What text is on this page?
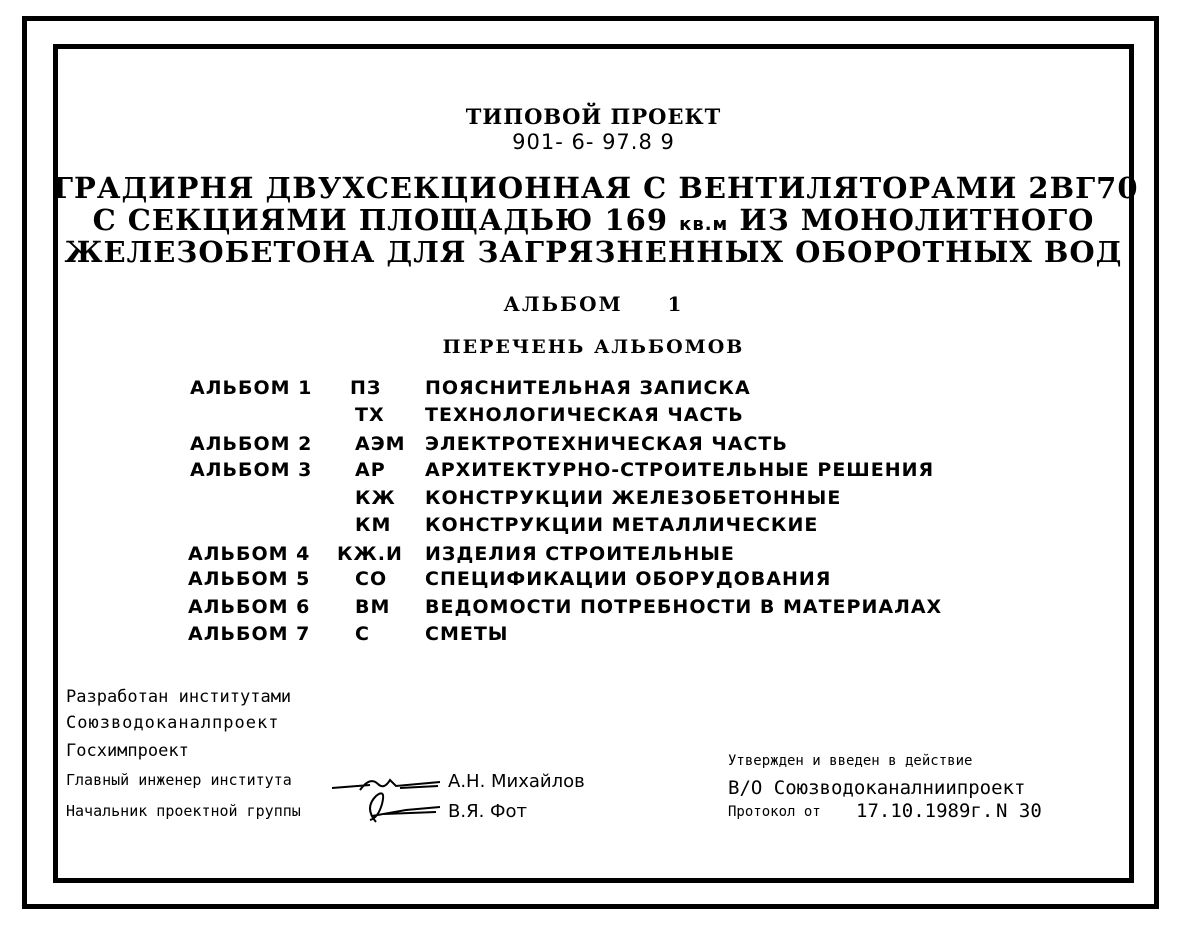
ТИПОВОЙ ПРОЕКТ
901- 6- 97.8 9
ГРАДИРНЯ ДВУХСЕКЦИОННАЯ С ВЕНТИЛЯТОРАМИ 2ВГ70
С СЕКЦИЯМИ ПЛОЩАДЬЮ 169 кв.м ИЗ МОНОЛИТНОГО
ЖЕЛЕЗОБЕТОНА ДЛЯ ЗАГРЯЗНЕННЫХ ОБОРОТНЫХ ВОД
АЛЬБОМ 1
ПЕРЕЧЕНЬ АЛЬБОМОВ
АЛЬБОМ 1 ПЗ ПОЯСНИТЕЛЬНАЯ ЗАПИСКА
ТХ ТЕХНОЛОГИЧЕСКАЯ ЧАСТЬ
АЛЬБОМ 2 АЭМ ЭЛЕКТРОТЕХНИЧЕСКАЯ ЧАСТЬ
АЛЬБОМ 3 АР АРХИТЕКТУРНО-СТРОИТЕЛЬНЫЕ РЕШЕНИЯ
КЖ КОНСТРУКЦИИ ЖЕЛЕЗОБЕТОННЫЕ
КМ КОНСТРУКЦИИ МЕТАЛЛИЧЕСКИЕ
АЛЬБОМ 4 КЖ.И ИЗДЕЛИЯ СТРОИТЕЛЬНЫЕ
АЛЬБОМ 5 СО СПЕЦИФИКАЦИИ ОБОРУДОВАНИЯ
АЛЬБОМ 6 ВМ ВЕДОМОСТИ ПОТРЕБНОСТИ В МАТЕРИАЛАХ
АЛЬБОМ 7 С	СМЕТЫ
Разработан институтами
Союзводоканалпроект
Госхимпроект
Главный инженер института	А.Н. Михайлов
Начальник проектной группы	В.Я. Фот
Утвержден и введен в действие
В/О Союзводоканалниипроект
Протокол от 17.10.1989г. N 30
